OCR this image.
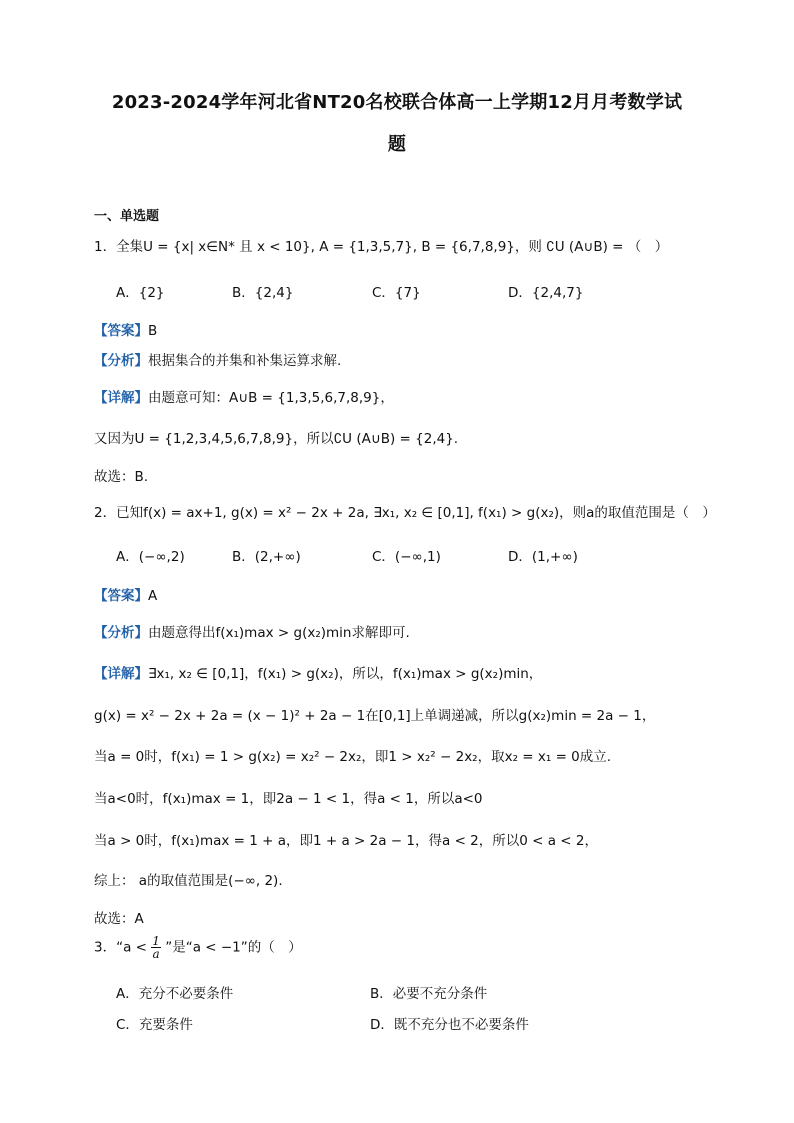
2023-2024学年河北省NT20名校联合体高一上学期12月月考数学试
题
一、单选题
1．全集U = {x| x∈N* 且 x < 10}, A = {1,3,5,7}, B = {6,7,8,9}，则 ∁U (A∪B) = （　）
A．{2}	B．{2,4}	C．{7}	D．{2,4,7}
【答案】B
【分析】根据集合的并集和补集运算求解.
【详解】由题意可知：A∪B = {1,3,5,6,7,8,9}，
又因为U = {1,2,3,4,5,6,7,8,9}，所以∁U (A∪B) = {2,4}.
故选：B.
2．已知f(x) = ax+1, g(x) = x² − 2x + 2a, ∃x₁, x₂ ∈ [0,1], f(x₁) > g(x₂)，则a的取值范围是（　）
A．(−∞,2)	B．(2,+∞)	C．(−∞,1)	D．(1,+∞)
【答案】A
【分析】由题意得出f(x₁)max > g(x₂)min求解即可.
【详解】∃x₁, x₂ ∈ [0,1]，f(x₁) > g(x₂)，所以，f(x₁)max > g(x₂)min，
g(x) = x² − 2x + 2a = (x − 1)² + 2a − 1在[0,1]上单调递减，所以g(x₂)min = 2a − 1，
当a = 0时，f(x₁) = 1 > g(x₂) = x₂² − 2x₂，即1 > x₂² − 2x₂，取x₂ = x₁ = 0成立.
当a<0时，f(x₁)max = 1，即2a − 1 < 1，得a < 1，所以a<0
当a > 0时，f(x₁)max = 1 + a，即1 + a > 2a − 1，得a < 2，所以0 < a < 2，
综上： a的取值范围是(−∞, 2).
故选：A
3．“$a < \frac{1}{a}$ ”是“a < −1”的（　）
A．充分不必要条件	B．必要不充分条件
C．充要条件	D．既不充分也不必要条件
